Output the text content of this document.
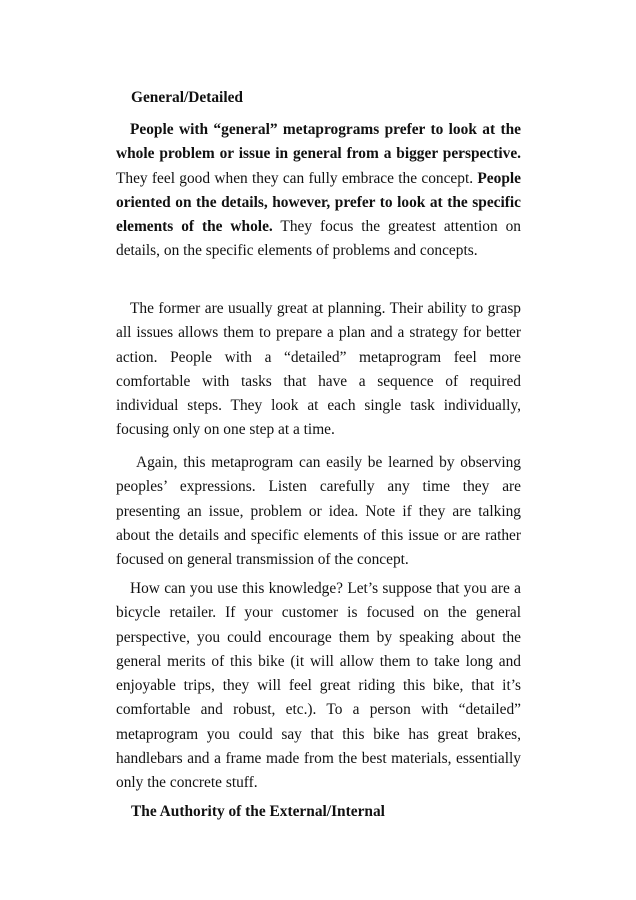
General/Detailed

People with “general” metaprograms prefer to look at the whole problem or issue in general from a bigger perspective. They feel good when they can fully embrace the concept. People oriented on the details, however, prefer to look at the specific elements of the whole. They focus the greatest attention on details, on the specific elements of problems and concepts.

The former are usually great at planning. Their ability to grasp all issues allows them to prepare a plan and a strategy for better action. People with a “detailed” metaprogram feel more comfortable with tasks that have a sequence of required individual steps. They look at each single task individually, focusing only on one step at a time.

Again, this metaprogram can easily be learned by observing peoples’ expressions. Listen carefully any time they are presenting an issue, problem or idea. Note if they are talking about the details and specific elements of this issue or are rather focused on general transmission of the concept.

How can you use this knowledge? Let’s suppose that you are a bicycle retailer. If your customer is focused on the general perspective, you could encourage them by speaking about the general merits of this bike (it will allow them to take long and enjoyable trips, they will feel great riding this bike, that it’s comfortable and robust, etc.). To a person with “detailed” metaprogram you could say that this bike has great brakes, handlebars and a frame made from the best materials, essentially only the concrete stuff.

The Authority of the External/Internal
